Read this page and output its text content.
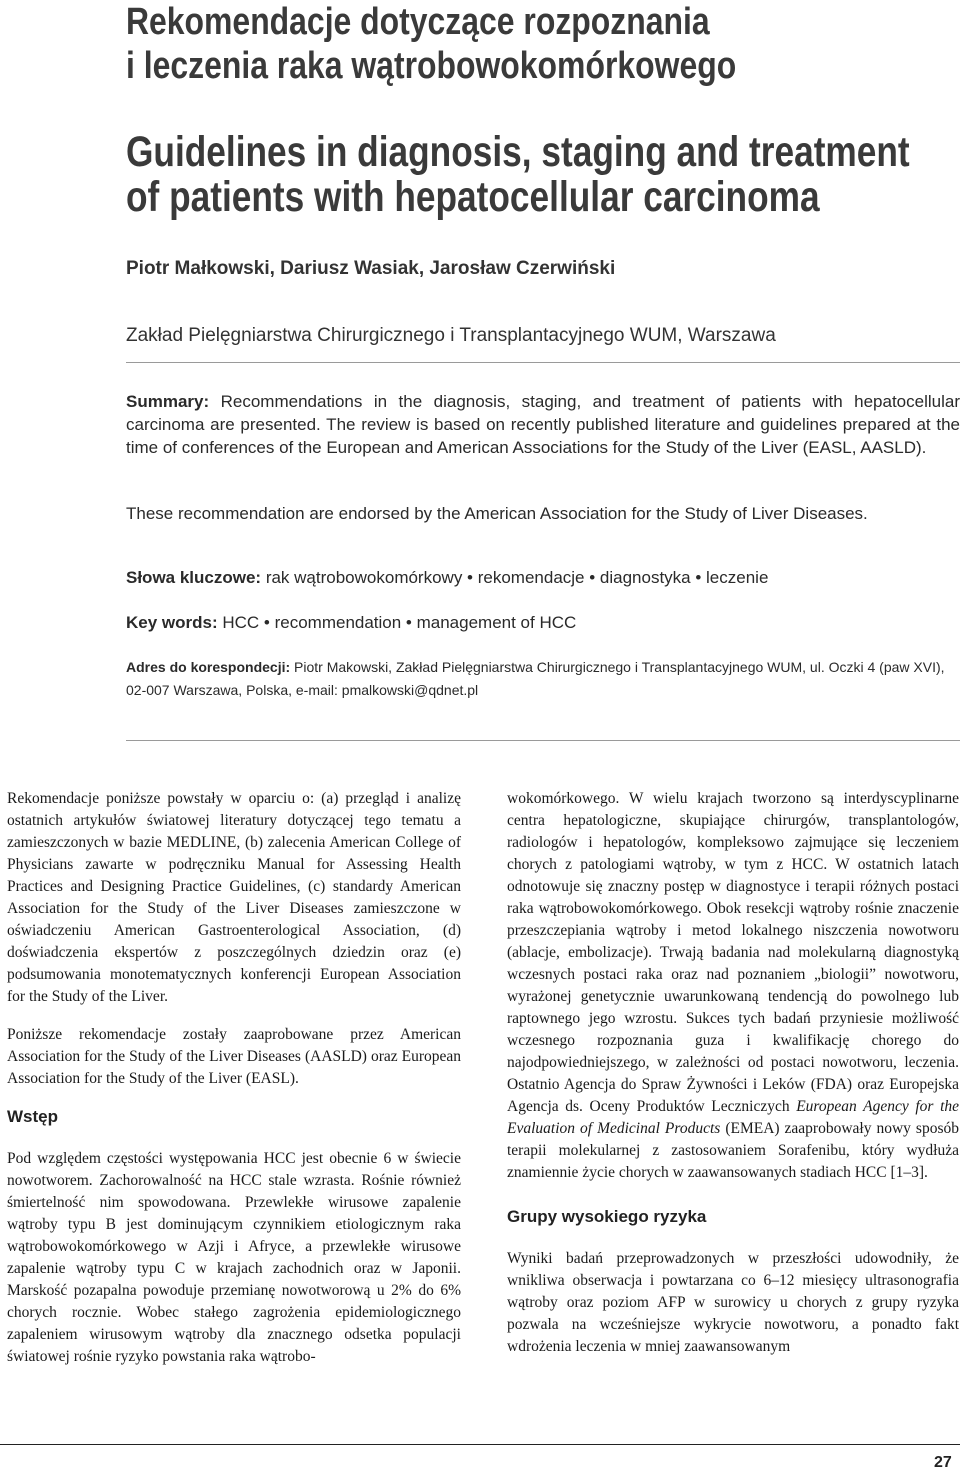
Rekomendacje dotyczące rozpoznania
i leczenia raka wątrobowokomórkowego
Guidelines in diagnosis, staging and treatment
of patients with hepatocellular carcinoma
Piotr Małkowski, Dariusz Wasiak, Jarosław Czerwiński
Zakład Pielęgniarstwa Chirurgicznego i Transplantacyjnego WUM, Warszawa
Summary: Recommendations in the diagnosis, staging, and treatment of patients with hepatocellular carcinoma are presented. The review is based on recently published literature and guidelines prepared at the time of conferences of the European and American Associations for the Study of the Liver (EASL, AASLD).
These recommendation are endorsed by the American Association for the Study of Liver Diseases.
Słowa kluczowe: rak wątrobowokomórkowy • rekomendacje • diagnostyka • leczenie
Key words: HCC • recommendation • management of HCC
Adres do korespondecji: Piotr Makowski, Zakład Pielęgniarstwa Chirurgicznego i Transplantacyjnego WUM, ul. Oczki 4 (paw XVI), 02-007 Warszawa, Polska, e-mail: pmalkowski@qdnet.pl

Rekomendacje poniższe powstały w oparciu o: (a) przegląd i analizę ostatnich artykułów światowej literatury dotyczącej tego tematu a zamieszczonych w bazie MEDLINE, (b) zalecenia American College of Physicians zawarte w podręczniku Manual for Assessing Health Practices and Designing Practice Guidelines, (c) standardy American Association for the Study of the Liver Diseases zamieszczone w oświadczeniu American Gastroenterological Association, (d) doświadczenia ekspertów z poszczególnych dziedzin oraz (e) podsumowania monotematycznych konferencji European Association for the Study of the Liver.

Poniższe rekomendacje zostały zaaprobowane przez American Association for the Study of the Liver Diseases (AASLD) oraz European Association for the Study of the Liver (EASL).

Wstęp

Pod względem częstości występowania HCC jest obecnie 6 w świecie nowotworem. Zachorowalność na HCC stale wzrasta. Rośnie również śmiertelność nim spowodowana. Przewlekłe wirusowe zapalenie wątroby typu B jest dominującym czynnikiem etiologicznym raka wątrobowokomórkowego w Azji i Afryce, a przewlekłe wirusowe zapalenie wątroby typu C w krajach zachodnich oraz w Japonii. Marskość pozapalna powoduje przemianę nowotworową u 2% do 6% chorych rocznie. Wobec stałego zagrożenia epidemiologicznego zapaleniem wirusowym wątroby dla znacznego odsetka populacji światowej rośnie ryzyko powstania raka wątrobo-

wokomórkowego. W wielu krajach tworzono są interdyscyplinarne centra hepatologiczne, skupiające chirurgów, transplantologów, radiologów i hepatologów, kompleksowo zajmujące się leczeniem chorych z patologiami wątroby, w tym z HCC. W ostatnich latach odnotowuje się znaczny postęp w diagnostyce i terapii różnych postaci raka wątrobowokomórkowego. Obok resekcji wątroby rośnie znaczenie przeszczepiania wątroby i metod lokalnego niszczenia nowotworu (ablacje, embolizacje). Trwają badania nad molekularną diagnostyką wczesnych postaci raka oraz nad poznaniem „biologii” nowotworu, wyrażonej genetycznie uwarunkowaną tendencją do powolnego lub raptownego jego wzrostu. Sukces tych badań przyniesie możliwość wczesnego rozpoznania guza i kwalifikację chorego do najodpowiedniejszego, w zależności od postaci nowotworu, leczenia. Ostatnio Agencja do Spraw Żywności i Leków (FDA) oraz Europejska Agencja ds. Oceny Produktów Leczniczych European Agency for the Evaluation of Medicinal Products (EMEA) zaaprobowały nowy sposób terapii molekularnej z zastosowaniem Sorafenibu, który wydłuża znamiennie życie chorych w zaawansowanych stadiach HCC [1–3].

Grupy wysokiego ryzyka

Wyniki badań przeprowadzonych w przeszłości udowodniły, że wnikliwa obserwacja i powtarzana co 6–12 miesięcy ultrasonografia wątroby oraz poziom AFP w surowicy u chorych z grupy ryzyka pozwala na wcześniejsze wykrycie nowotworu, a ponadto fakt wdrożenia leczenia w mniej zaawansowanym

27
